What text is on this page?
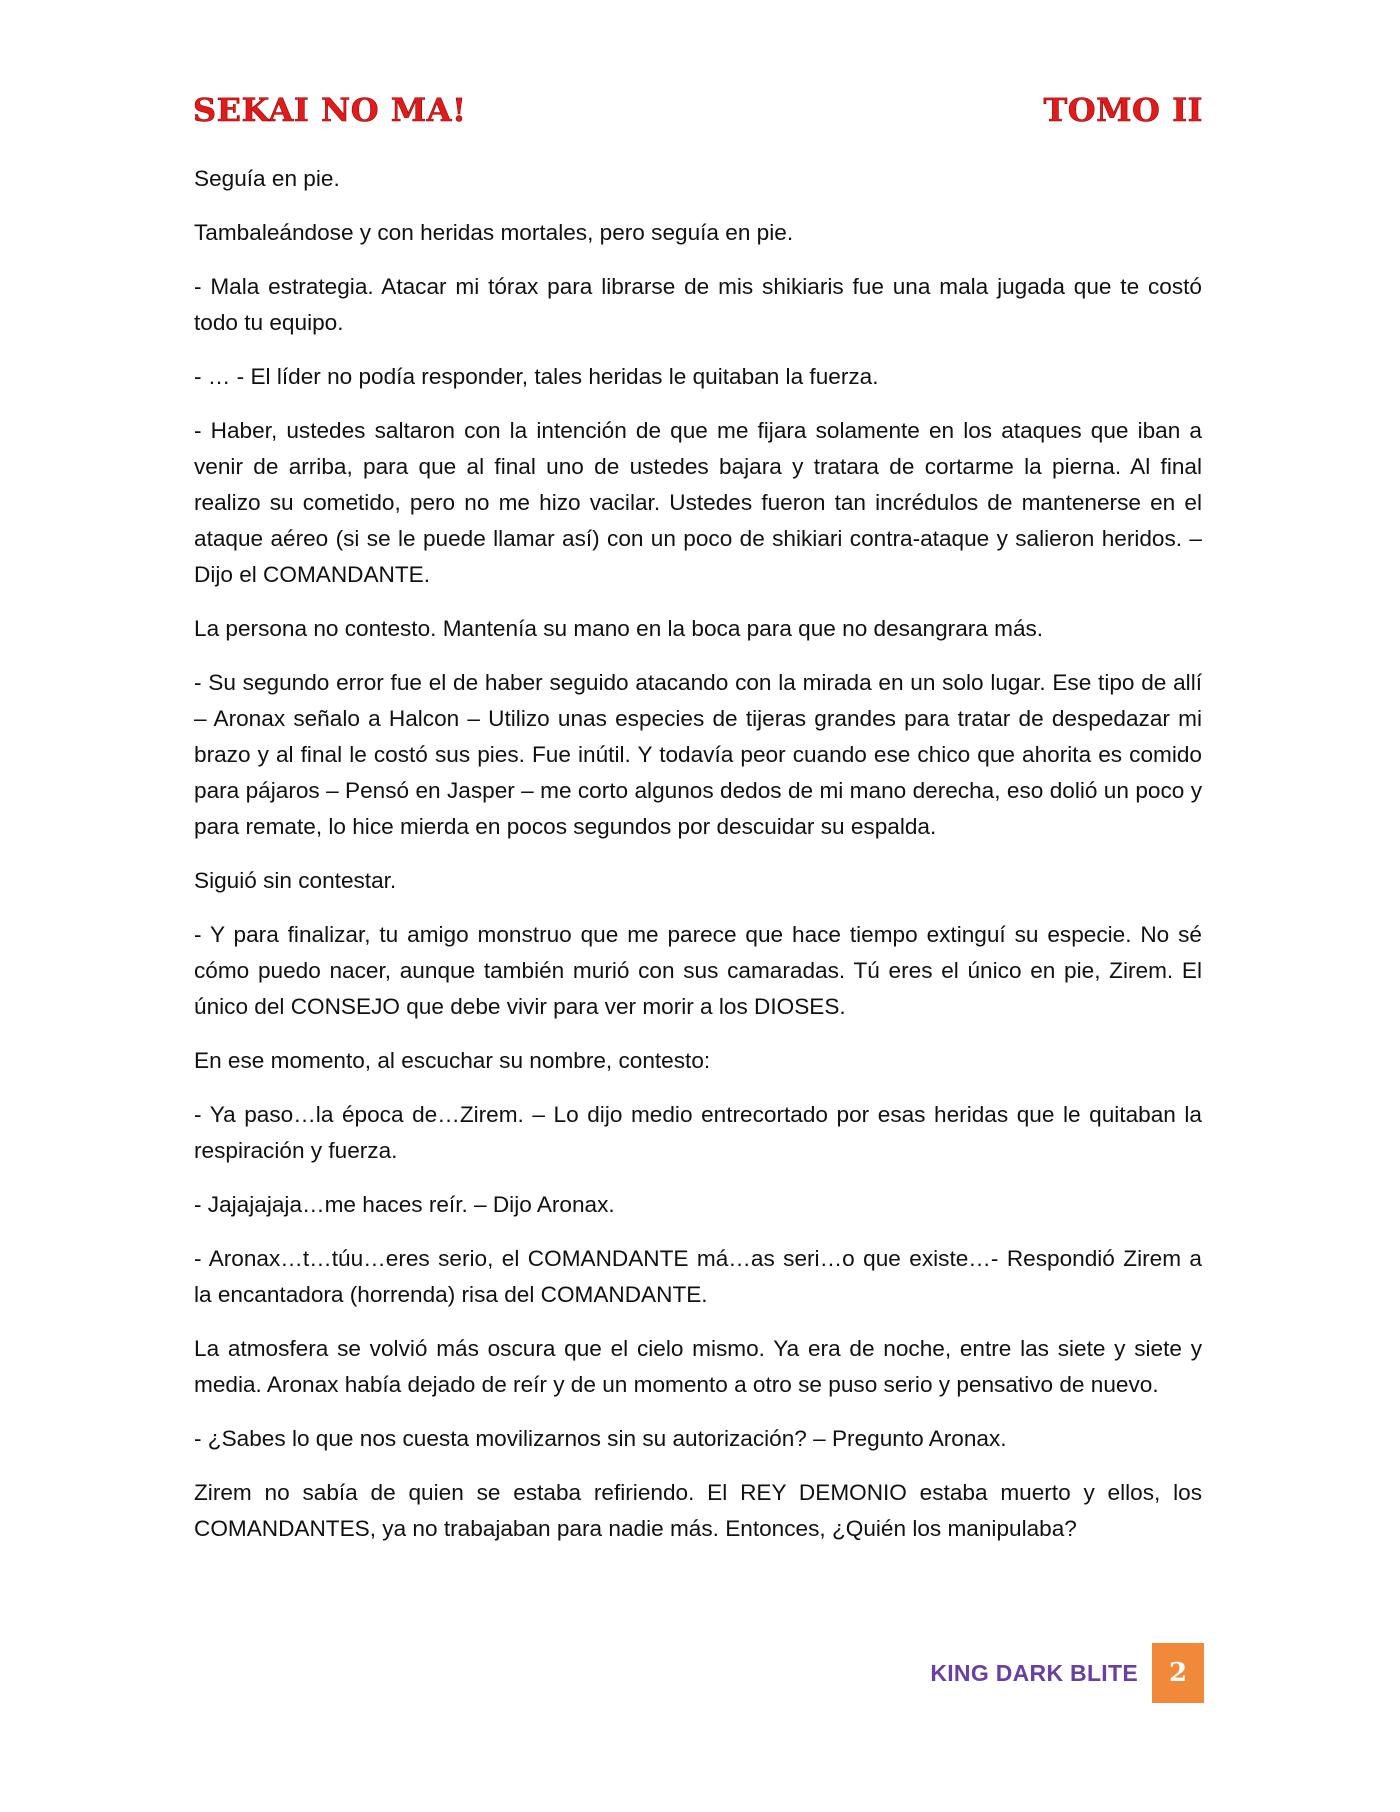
SEKAI NO MA!	TOMO II

Seguía en pie.

Tambaleándose y con heridas mortales, pero seguía en pie.

- Mala estrategia. Atacar mi tórax para librarse de mis shikiaris fue una mala jugada que te costó todo tu equipo.

- … - El líder no podía responder, tales heridas le quitaban la fuerza.

- Haber, ustedes saltaron con la intención de que me fijara solamente en los ataques que iban a venir de arriba, para que al final uno de ustedes bajara y tratara de cortarme la pierna. Al final realizo su cometido, pero no me hizo vacilar. Ustedes fueron tan incrédulos de mantenerse en el ataque aéreo (si se le puede llamar así) con un poco de shikiari contra-ataque y salieron heridos. – Dijo el COMANDANTE.

La persona no contesto. Mantenía su mano en la boca para que no desangrara más.

- Su segundo error fue el de haber seguido atacando con la mirada en un solo lugar. Ese tipo de allí – Aronax señalo a Halcon – Utilizo unas especies de tijeras grandes para tratar de despedazar mi brazo y al final le costó sus pies. Fue inútil. Y todavía peor cuando ese chico que ahorita es comido para pájaros – Pensó en Jasper – me corto algunos dedos de mi mano derecha, eso dolió un poco y para remate, lo hice mierda en pocos segundos por descuidar su espalda.

Siguió sin contestar.

- Y para finalizar, tu amigo monstruo que me parece que hace tiempo extinguí su especie. No sé cómo puedo nacer, aunque también murió con sus camaradas. Tú eres el único en pie, Zirem. El único del CONSEJO que debe vivir para ver morir a los DIOSES.

En ese momento, al escuchar su nombre, contesto:

- Ya paso…la época de…Zirem. – Lo dijo medio entrecortado por esas heridas que le quitaban la respiración y fuerza.

- Jajajajaja…me haces reír. – Dijo Aronax.

- Aronax…t…túu…eres serio, el COMANDANTE má…as seri…o que existe…- Respondió Zirem a la encantadora (horrenda) risa del COMANDANTE.

La atmosfera se volvió más oscura que el cielo mismo. Ya era de noche, entre las siete y siete y media. Aronax había dejado de reír y de un momento a otro se puso serio y pensativo de nuevo.

- ¿Sabes lo que nos cuesta movilizarnos sin su autorización? – Pregunto Aronax.

Zirem no sabía de quien se estaba refiriendo. El REY DEMONIO estaba muerto y ellos, los COMANDANTES, ya no trabajaban para nadie más. Entonces, ¿Quién los manipulaba?

KING DARK BLITE	2
